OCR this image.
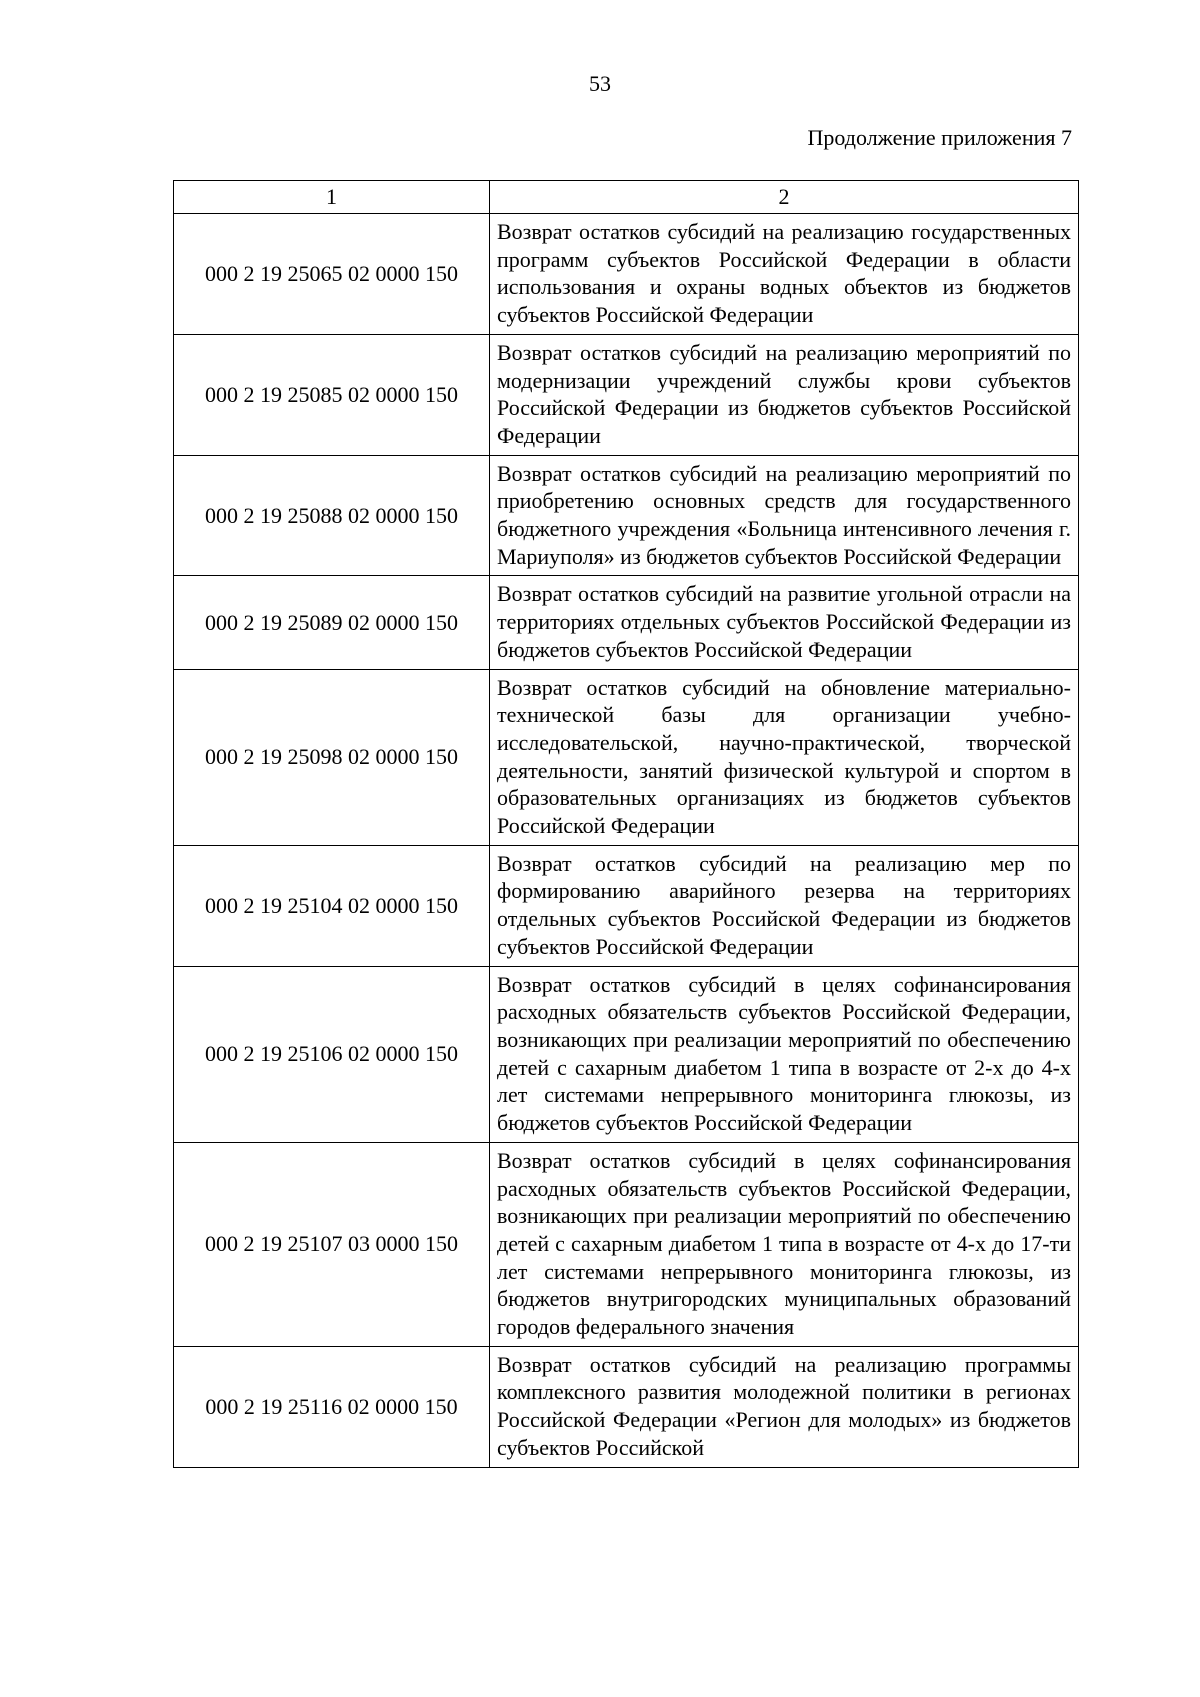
53
Продолжение приложения 7
1	2
000 2 19 25065 02 0000 150	Возврат остатков субсидий на реализацию государственных программ субъектов Российской Федерации в области использования и охраны водных объектов из бюджетов субъектов Российской Федерации
000 2 19 25085 02 0000 150	Возврат остатков субсидий на реализацию мероприятий по модернизации учреждений службы крови субъектов Российской Федерации из бюджетов субъектов Российской Федерации
000 2 19 25088 02 0000 150	Возврат остатков субсидий на реализацию мероприятий по приобретению основных средств для государственного бюджетного учреждения «Больница интенсивного лечения г. Мариуполя» из бюджетов субъектов Российской Федерации
000 2 19 25089 02 0000 150	Возврат остатков субсидий на развитие угольной отрасли на территориях отдельных субъектов Российской Федерации из бюджетов субъектов Российской Федерации
000 2 19 25098 02 0000 150	Возврат остатков субсидий на обновление материально-технической базы для организации учебно-исследовательской, научно-практической, творческой деятельности, занятий физической культурой и спортом в образовательных организациях из бюджетов субъектов Российской Федерации
000 2 19 25104 02 0000 150	Возврат остатков субсидий на реализацию мер по формированию аварийного резерва на территориях отдельных субъектов Российской Федерации из бюджетов субъектов Российской Федерации
000 2 19 25106 02 0000 150	Возврат остатков субсидий в целях софинансирования расходных обязательств субъектов Российской Федерации, возникающих при реализации мероприятий по обеспечению детей с сахарным диабетом 1 типа в возрасте от 2-х до 4-х лет системами непрерывного мониторинга глюкозы, из бюджетов субъектов Российской Федерации
000 2 19 25107 03 0000 150	Возврат остатков субсидий в целях софинансирования расходных обязательств субъектов Российской Федерации, возникающих при реализации мероприятий по обеспечению детей с сахарным диабетом 1 типа в возрасте от 4-х до 17-ти лет системами непрерывного мониторинга глюкозы, из бюджетов внутригородских муниципальных образований городов федерального значения
000 2 19 25116 02 0000 150	Возврат остатков субсидий на реализацию программы комплексного развития молодежной политики в регионах Российской Федерации «Регион для молодых» из бюджетов субъектов Российской
